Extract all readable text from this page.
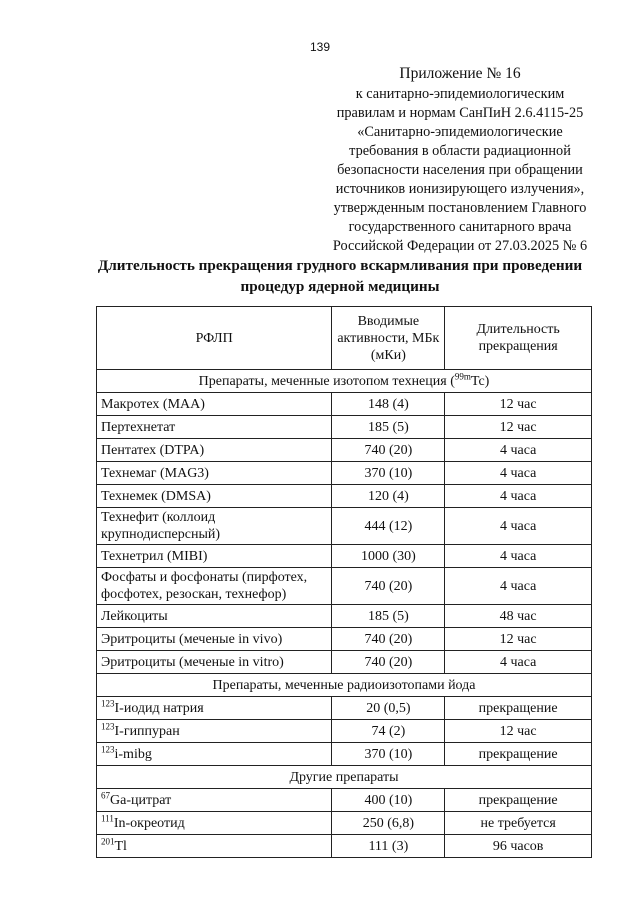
139
Приложение № 16
к санитарно-эпидемиологическим
правилам и нормам СанПиН 2.6.4115-25
«Санитарно-эпидемиологические
требования в области радиационной
безопасности населения при обращении
источников ионизирующего излучения»,
утвержденным постановлением Главного
государственного санитарного врача
Российской Федерации от 27.03.2025 № 6
Длительность прекращения грудного вскармливания при проведении
процедур ядерной медицины
РФЛП	Вводимые активности, МБк (мКи)	Длительность прекращения
Препараты, меченные изотопом технеция ($^{99m}$Tc)		
Макротех (MAA)	148 (4)	12 час
Пертехнетат	185 (5)	12 час
Пентатех (DTPA)	740 (20)	4 часа
Технемаг (MAG3)	370 (10)	4 часа
Технемек (DMSA)	120 (4)	4 часа
Технефит (коллоид крупнодисперсный)	444 (12)	4 часа
Технетрил (MIBI)	1000 (30)	4 часа
Фосфаты и фосфонаты (пирфотех, фосфотех, резоскан, технефор)	740 (20)	4 часа
Лейкоциты	185 (5)	48 час
Эритроциты (меченые in vivo)	740 (20)	12 час
Эритроциты (меченые in vitro)	740 (20)	4 часа
Препараты, меченные радиоизотопами йода		
$^{123}$I-иодид натрия	20 (0,5)	прекращение
$^{123}$I-гиппуран	74 (2)	12 час
$^{123}$i-mibg	370 (10)	прекращение
Другие препараты		
$^{67}$Ga-цитрат	400 (10)	прекращение
$^{111}$In-окреотид	250 (6,8)	не требуется
$^{201}$Tl	111 (3)	96 часов
